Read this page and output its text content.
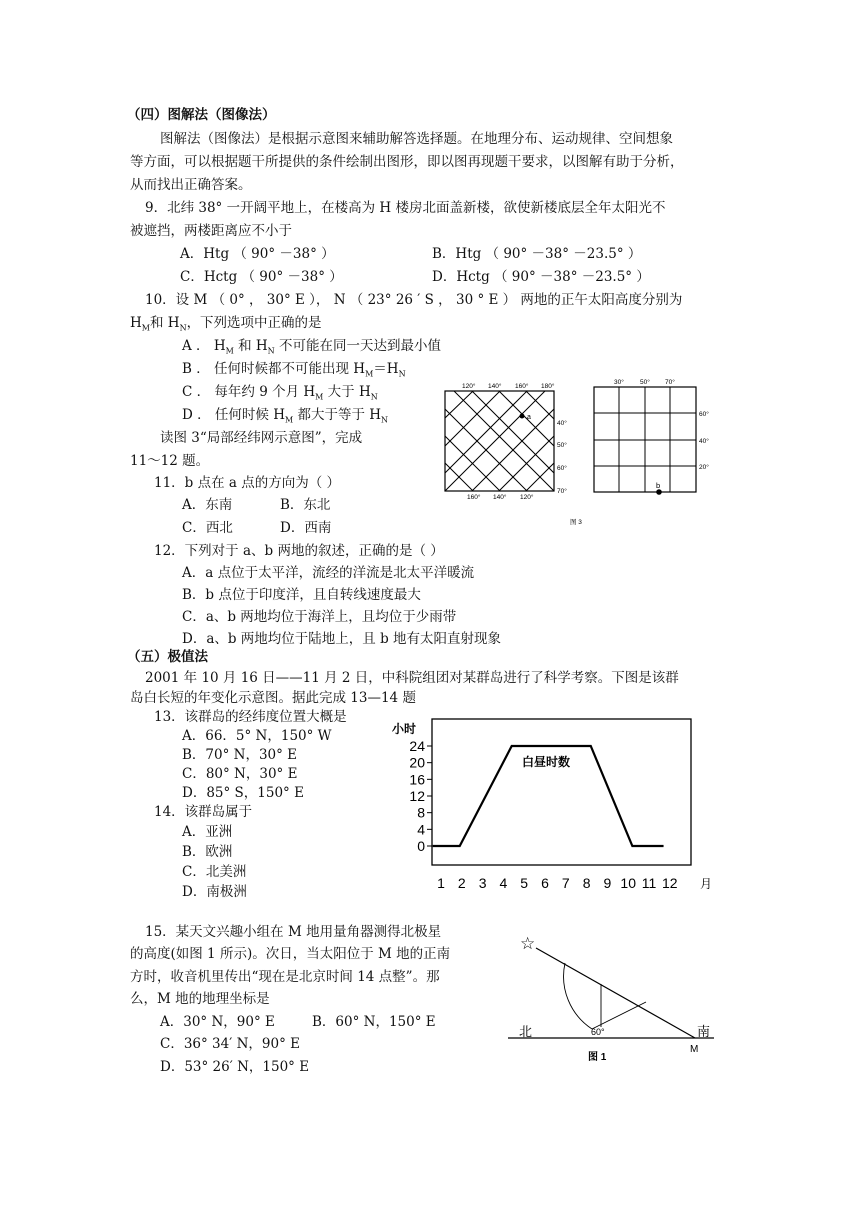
（四）图解法（图像法）
图解法（图像法）是根据示意图来辅助解答选择题。在地理分布、运动规律、空间想象
等方面，可以根据题干所提供的条件绘制出图形，即以图再现题干要求，以图解有助于分析，
从而找出正确答案。
9．北纬 38° 一开阔平地上，在楼高为 H 楼房北面盖新楼，欲使新楼底层全年太阳光不
被遮挡，两楼距离应不小于
A．Htg （ 90° －38° ）	B．Htg （ 90° －38° －23.5° ）
C．Hctg （ 90° －38° ）	D．Hctg （ 90° －38° －23.5° ）
10．设 M （ 0° ， 30° E ）， N （ 23° 26 ′ S ， 30 ° E ） 两地的正午太阳高度分别为
$H_M$和 $H_N$，下列选项中正确的是
A ． $H_M$ 和 $H_N$ 不可能在同一天达到最小值
B ． 任何时候都不可能出现 $H_M=H_N$
C ． 每年约 9 个月 $H_M$ 大于 $H_N$
D ． 任何时候 $H_M$ 都大于等于 $H_N$
读图 3“局部经纬网示意图”，完成
11～12 题。
11．b 点在 a 点的方向为（ ）
A．东南	B．东北
C．西北	D．西南
12．下列对于 a、b 两地的叙述，正确的是（ ）
A．a 点位于太平洋，流经的洋流是北太平洋暖流
B．b 点位于印度洋，且自转线速度最大
C．a、b 两地均位于海洋上，且均位于少雨带
D．a、b 两地均位于陆地上，且 b 地有太阳直射现象
120° 140° 160° 180°
160° 140° 120°
40°
50°
60°
70°
a
30° 50° 70°
60°
40°
20°
b
图 3
（五）极值法
2001 年 10 月 16 日——11 月 2 日，中科院组团对某群岛进行了科学考察。下图是该群
岛白长短的年变化示意图。据此完成 13—14 题
13．该群岛的经纬度位置大概是
A．66．5° N，150° W
B．70° N，30° E
C．80° N，30° E
D．85° S，150° E
14．该群岛属于
A．亚洲
B．欧洲
C．北美洲
D．南极洲
小时
白昼时数
月
0
4
8
12
16
20
24
1 2 3 4 5 6 7 8 9 10 11 12
15．某天文兴趣小组在 M 地用量角器测得北极星
的高度(如图 1 所示)。次日，当太阳位于 M 地的正南
方时，收音机里传出“现在是北京时间 14 点整”。那
么，M 地的地理坐标是
A．30° N，90° E	B．60° N，150° E
C．36° 34′ N，90° E
D．53° 26′ N，150° E
☆
北	南
60°
M
图 1
